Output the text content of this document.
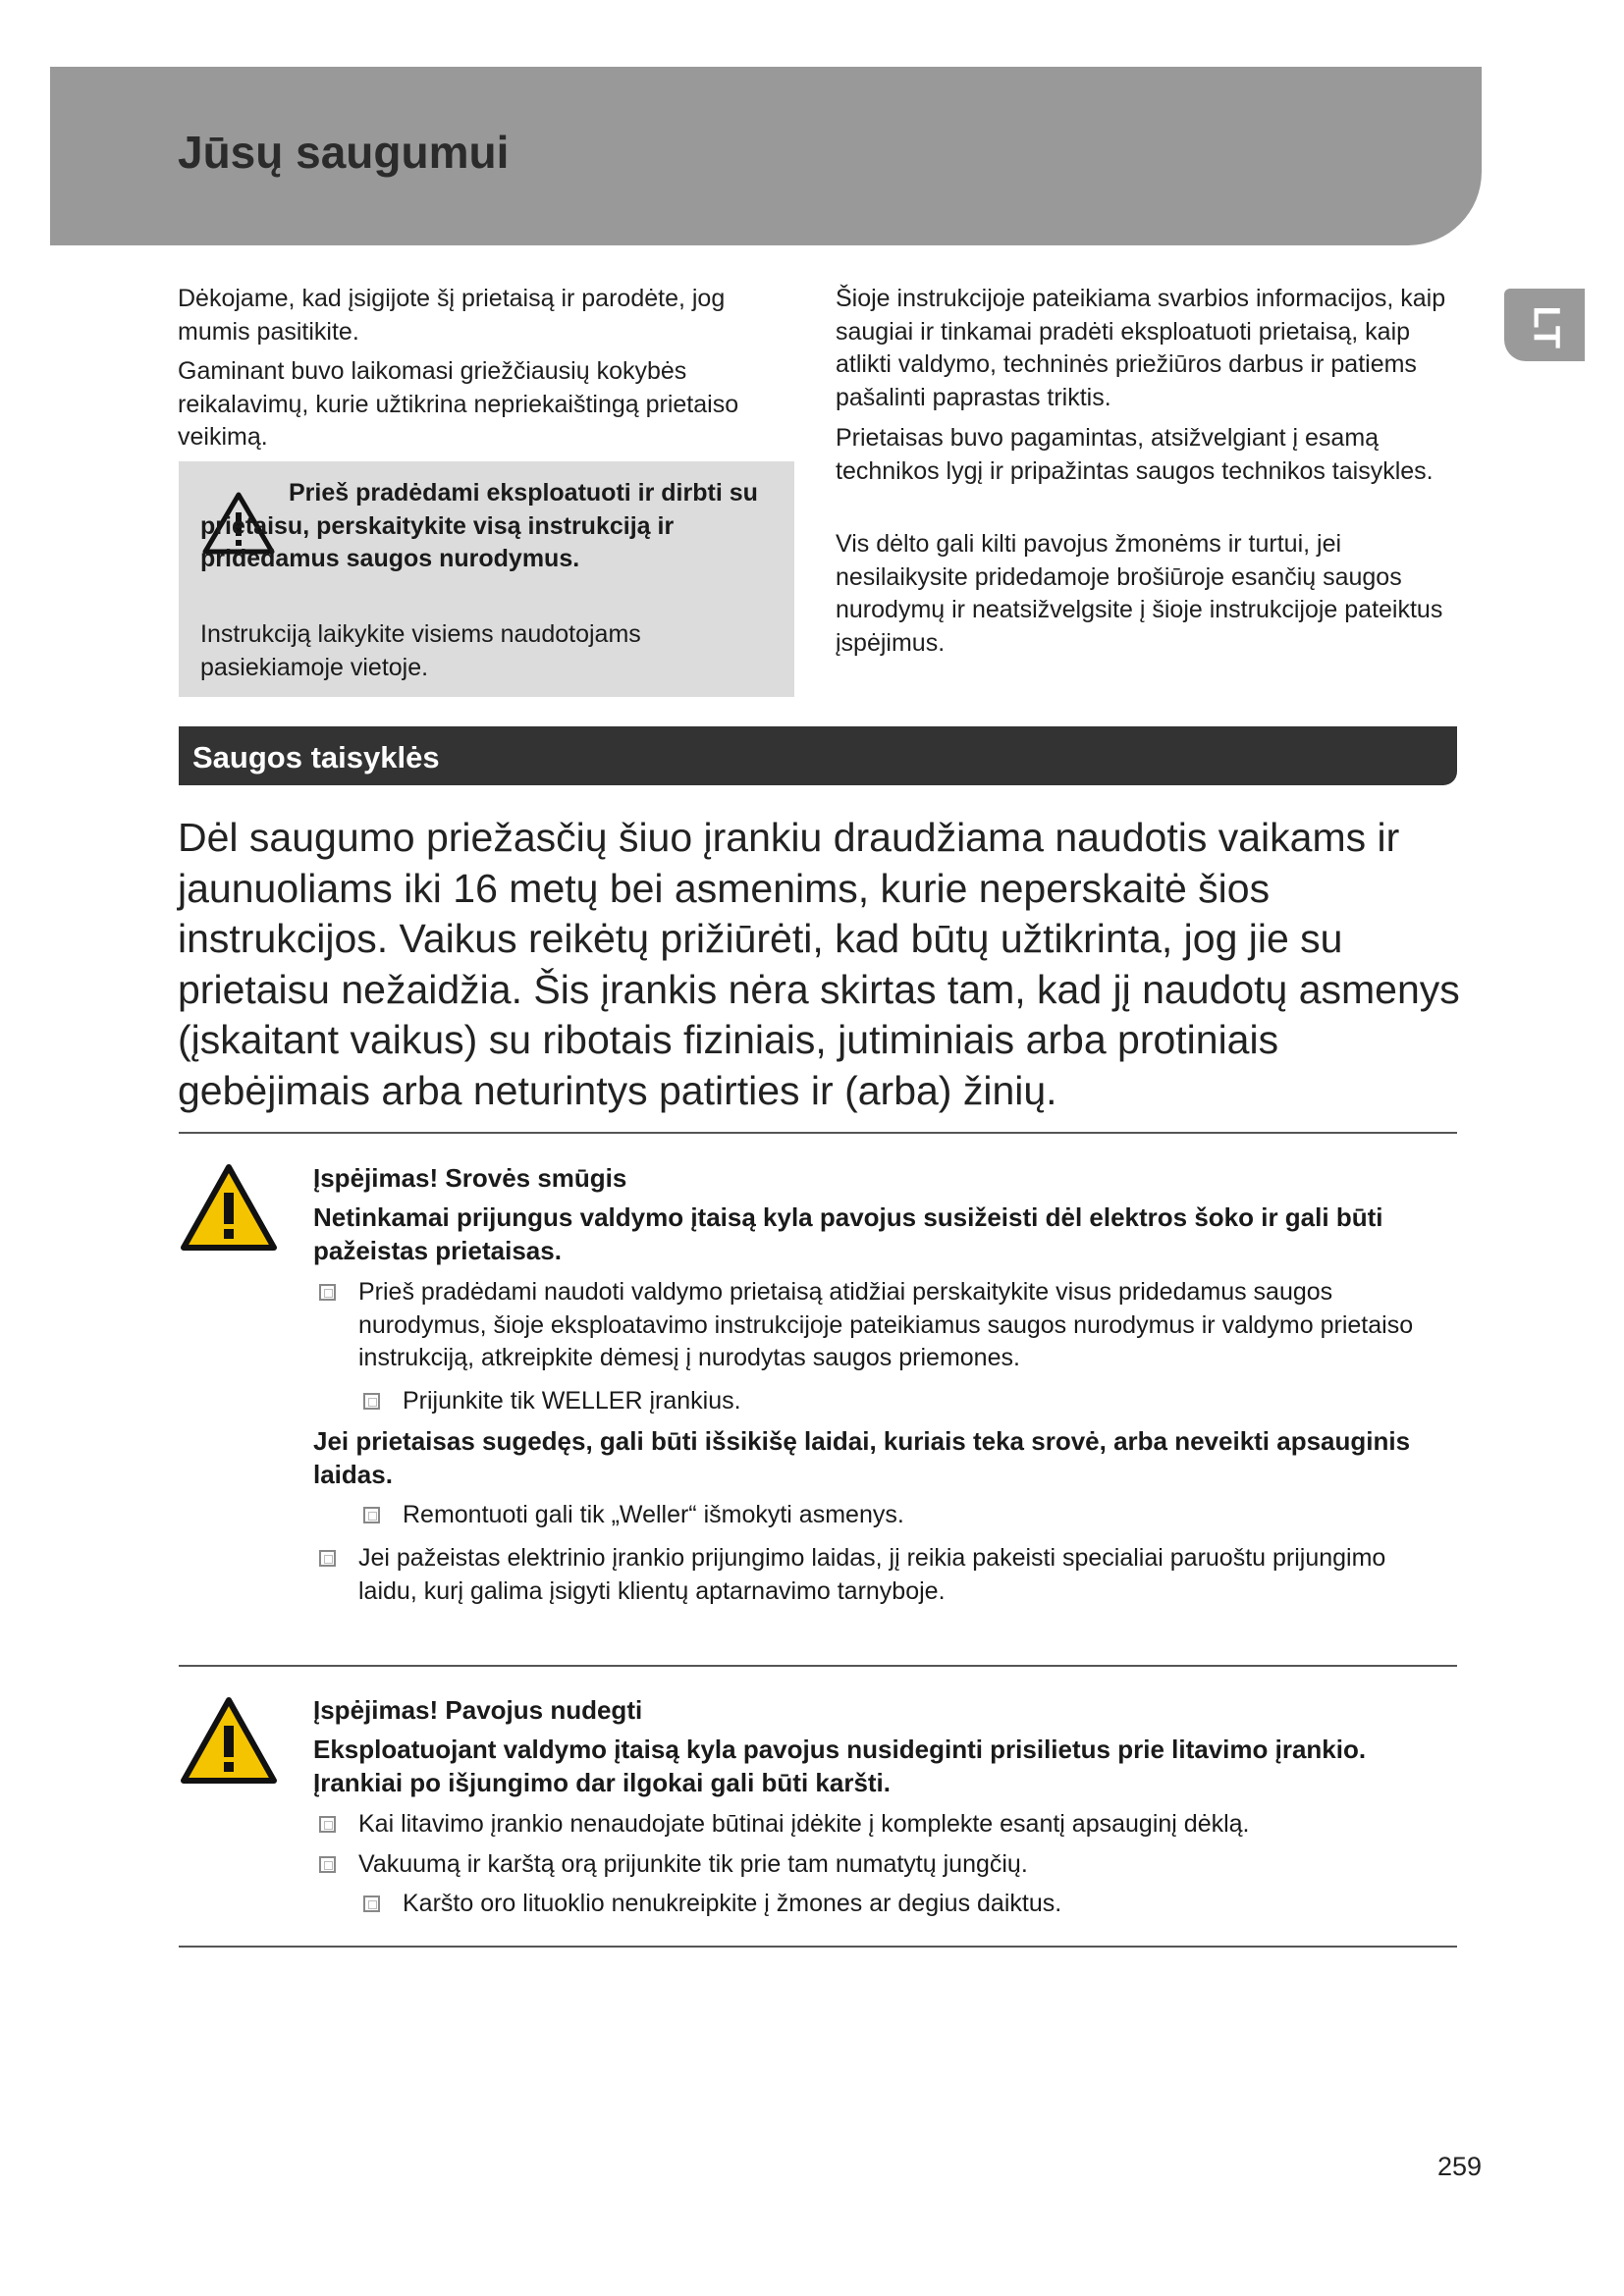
Jūsų saugumui
LT

Dėkojame, kad įsigijote šį prietaisą ir parodėte, jog mumis pasitikite.

Gaminant buvo laikomasi griežčiausių kokybės reikalavimų, kurie užtikrina nepriekaištingą prietaiso veikimą.

Prieš pradėdami eksploatuoti ir dirbti su prietaisu, perskaitykite visą instrukciją ir pridedamus saugos nurodymus.

Instrukciją laikykite visiems naudotojams pasiekiamoje vietoje.

Šioje instrukcijoje pateikiama svarbios informacijos, kaip saugiai ir tinkamai pradėti eksploatuoti prietaisą, kaip atlikti valdymo, techninės priežiūros darbus ir patiems pašalinti paprastas triktis.

Prietaisas buvo pagamintas, atsižvelgiant į esamą technikos lygį ir pripažintas saugos technikos taisykles.

Vis dėlto gali kilti pavojus žmonėms ir turtui, jei nesilaikysite pridedamoje brošiūroje esančių saugos nurodymų ir neatsižvelgsite į šioje instrukcijoje pateiktus įspėjimus.

Saugos taisyklės

Dėl saugumo priežasčių šiuo įrankiu draudžiama naudotis vaikams ir jaunuoliams iki 16 metų bei asmenims, kurie neperskaitė šios instrukcijos. Vaikus reikėtų prižiūrėti, kad būtų užtikrinta, jog jie su prietaisu nežaidžia. Šis įrankis nėra skirtas tam, kad jį naudotų asmenys (įskaitant vaikus) su ribotais fiziniais, jutiminiais arba protiniais gebėjimais arba neturintys patirties ir (arba) žinių.

Įspėjimas! Srovės smūgis

Netinkamai prijungus valdymo įtaisą kyla pavojus susižeisti dėl elektros šoko ir gali būti pažeistas prietaisas.

Prieš pradėdami naudoti valdymo prietaisą atidžiai perskaitykite visus pridedamus saugos nurodymus, šioje eksploatavimo instrukcijoje pateikiamus saugos nurodymus ir valdymo prietaiso instrukciją, atkreipkite dėmesį į nurodytas saugos priemones.

Prijunkite tik WELLER įrankius.

Jei prietaisas sugedęs, gali būti išsikišę laidai, kuriais teka srovė, arba neveikti apsauginis laidas.

Remontuoti gali tik „Weller“ išmokyti asmenys.

Jei pažeistas elektrinio įrankio prijungimo laidas, jį reikia pakeisti specialiai paruoštu prijungimo laidu, kurį galima įsigyti klientų aptarnavimo tarnyboje.

Įspėjimas! Pavojus nudegti

Eksploatuojant valdymo įtaisą kyla pavojus nusideginti prisilietus prie litavimo įrankio. Įrankiai po išjungimo dar ilgokai gali būti karšti.

Kai litavimo įrankio nenaudojate būtinai įdėkite į komplekte esantį apsauginį dėklą.

Vakuumą ir karštą orą prijunkite tik prie tam numatytų jungčių.

Karšto oro lituoklio nenukreipkite į žmones ar degius daiktus.

259
